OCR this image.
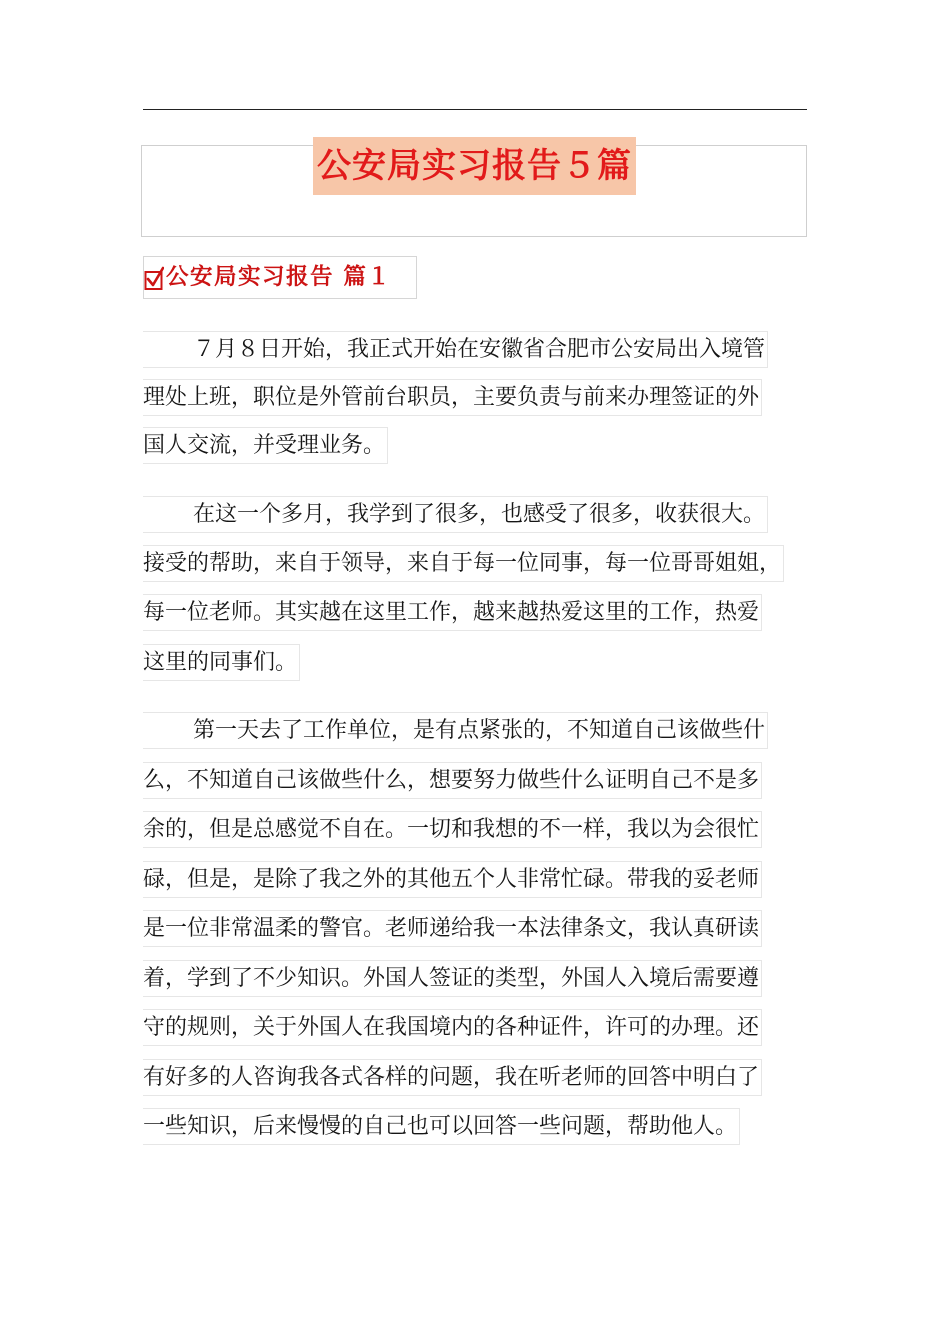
公安局实习报告５篇
公安局实习报告 篇１
７月８日开始，我正式开始在安徽省合肥市公安局出入境管
理处上班，职位是外管前台职员，主要负责与前来办理签证的外
国人交流，并受理业务。
在这一个多月，我学到了很多，也感受了很多，收获很大。
接受的帮助，来自于领导，来自于每一位同事，每一位哥哥姐姐，
每一位老师。其实越在这里工作，越来越热爱这里的工作，热爱
这里的同事们。
第一天去了工作单位，是有点紧张的，不知道自己该做些什
么，不知道自己该做些什么，想要努力做些什么证明自己不是多
余的，但是总感觉不自在。一切和我想的不一样，我以为会很忙
碌，但是，是除了我之外的其他五个人非常忙碌。带我的妥老师
是一位非常温柔的警官。老师递给我一本法律条文，我认真研读
着，学到了不少知识。外国人签证的类型，外国人入境后需要遵
守的规则，关于外国人在我国境内的各种证件，许可的办理。还
有好多的人咨询我各式各样的问题，我在听老师的回答中明白了
一些知识，后来慢慢的自己也可以回答一些问题，帮助他人。
